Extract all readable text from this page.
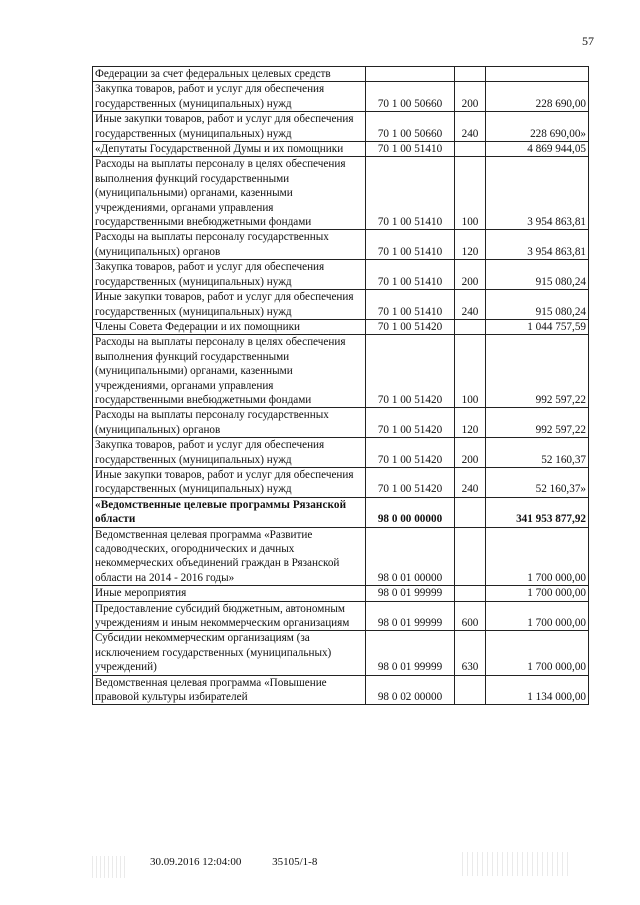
57
Федерации за счет федеральных целевых средств			
Закупка товаров, работ и услуг для обеспечения государственных (муниципальных) нужд	70 1 00 50660	200	228 690,00
Иные закупки товаров, работ и услуг для обеспечения государственных (муниципальных) нужд	70 1 00 50660	240	228 690,00»
«Депутаты Государственной Думы и их помощники	70 1 00 51410		4 869 944,05
Расходы на выплаты персоналу в целях обеспечения выполнения функций государственными (муниципальными) органами, казенными учреждениями, органами управления государственными внебюджетными фондами	70 1 00 51410	100	3 954 863,81
Расходы на выплаты персоналу государственных (муниципальных) органов	70 1 00 51410	120	3 954 863,81
Закупка товаров, работ и услуг для обеспечения государственных (муниципальных) нужд	70 1 00 51410	200	915 080,24
Иные закупки товаров, работ и услуг для обеспечения государственных (муниципальных) нужд	70 1 00 51410	240	915 080,24
Члены Совета Федерации и их помощники	70 1 00 51420		1 044 757,59
Расходы на выплаты персоналу в целях обеспечения выполнения функций государственными (муниципальными) органами, казенными учреждениями, органами управления государственными внебюджетными фондами	70 1 00 51420	100	992 597,22
Расходы на выплаты персоналу государственных (муниципальных) органов	70 1 00 51420	120	992 597,22
Закупка товаров, работ и услуг для обеспечения государственных (муниципальных) нужд	70 1 00 51420	200	52 160,37
Иные закупки товаров, работ и услуг для обеспечения государственных (муниципальных) нужд	70 1 00 51420	240	52 160,37»
«Ведомственные целевые программы Рязанской области	98 0 00 00000		341 953 877,92
Ведомственная целевая программа «Развитие садоводческих, огороднических и дачных некоммерческих объединений граждан в Рязанской области на 2014 - 2016 годы»	98 0 01 00000		1 700 000,00
Иные мероприятия	98 0 01 99999		1 700 000,00
Предоставление субсидий бюджетным, автономным учреждениям и иным некоммерческим организациям	98 0 01 99999	600	1 700 000,00
Субсидии некоммерческим организациям (за исключением государственных (муниципальных) учреждений)	98 0 01 99999	630	1 700 000,00
Ведомственная целевая программа «Повышение правовой культуры избирателей	98 0 02 00000		1 134 000,00
30.09.2016 12:04:00	35105/1-8
